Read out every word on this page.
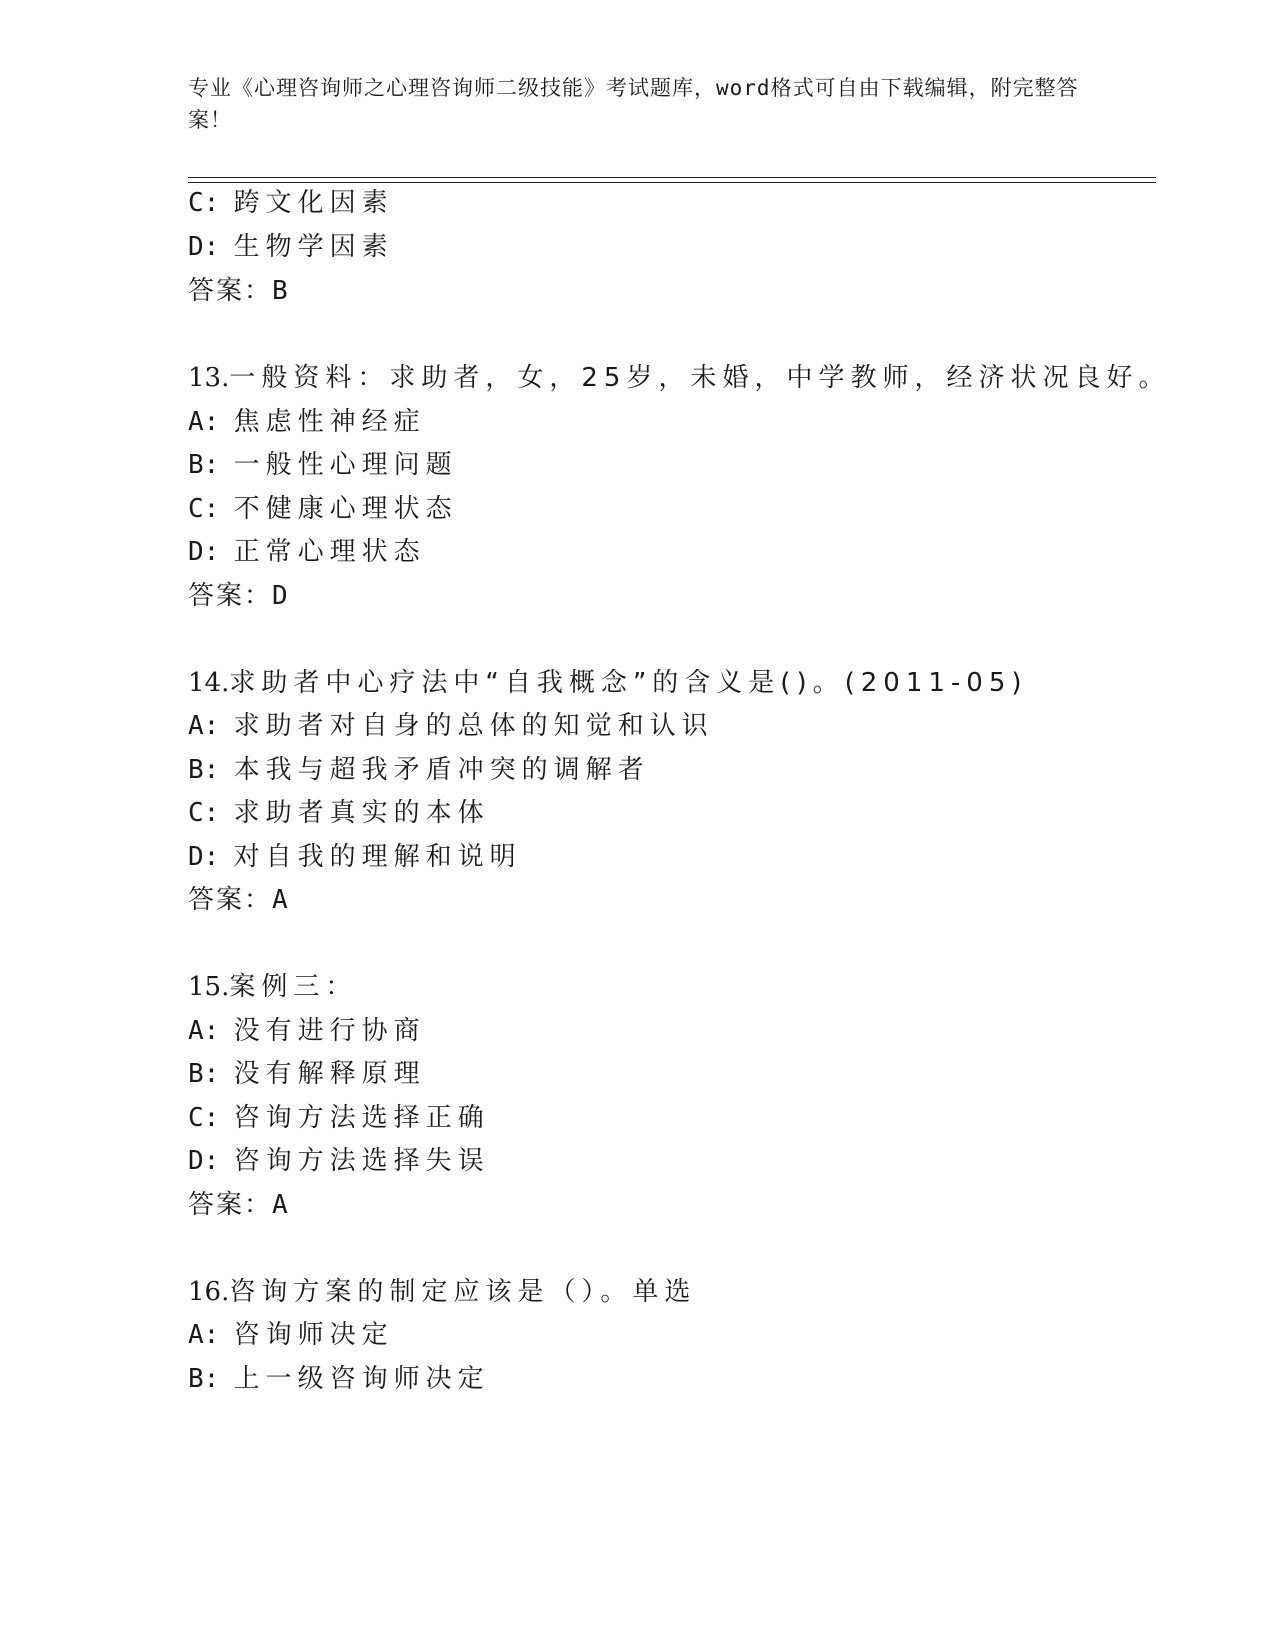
专业《心理咨询师之心理咨询师二级技能》考试题库，word格式可自由下载编辑，附完整答案！
C: 跨文化因素
D: 生物学因素
答案：B
13.一般资料：求助者，女，25岁，未婚，中学教师，经济状况良好。
A: 焦虑性神经症
B: 一般性心理问题
C: 不健康心理状态
D: 正常心理状态
答案：D
14.求助者中心疗法中“自我概念”的含义是()。(2011-05)
A: 求助者对自身的总体的知觉和认识
B: 本我与超我矛盾冲突的调解者
C: 求助者真实的本体
D: 对自我的理解和说明
答案：A
15.案例三：
A: 没有进行协商
B: 没有解释原理
C: 咨询方法选择正确
D: 咨询方法选择失误
答案：A
16.咨询方案的制定应该是（）。单选
A: 咨询师决定
B: 上一级咨询师决定
